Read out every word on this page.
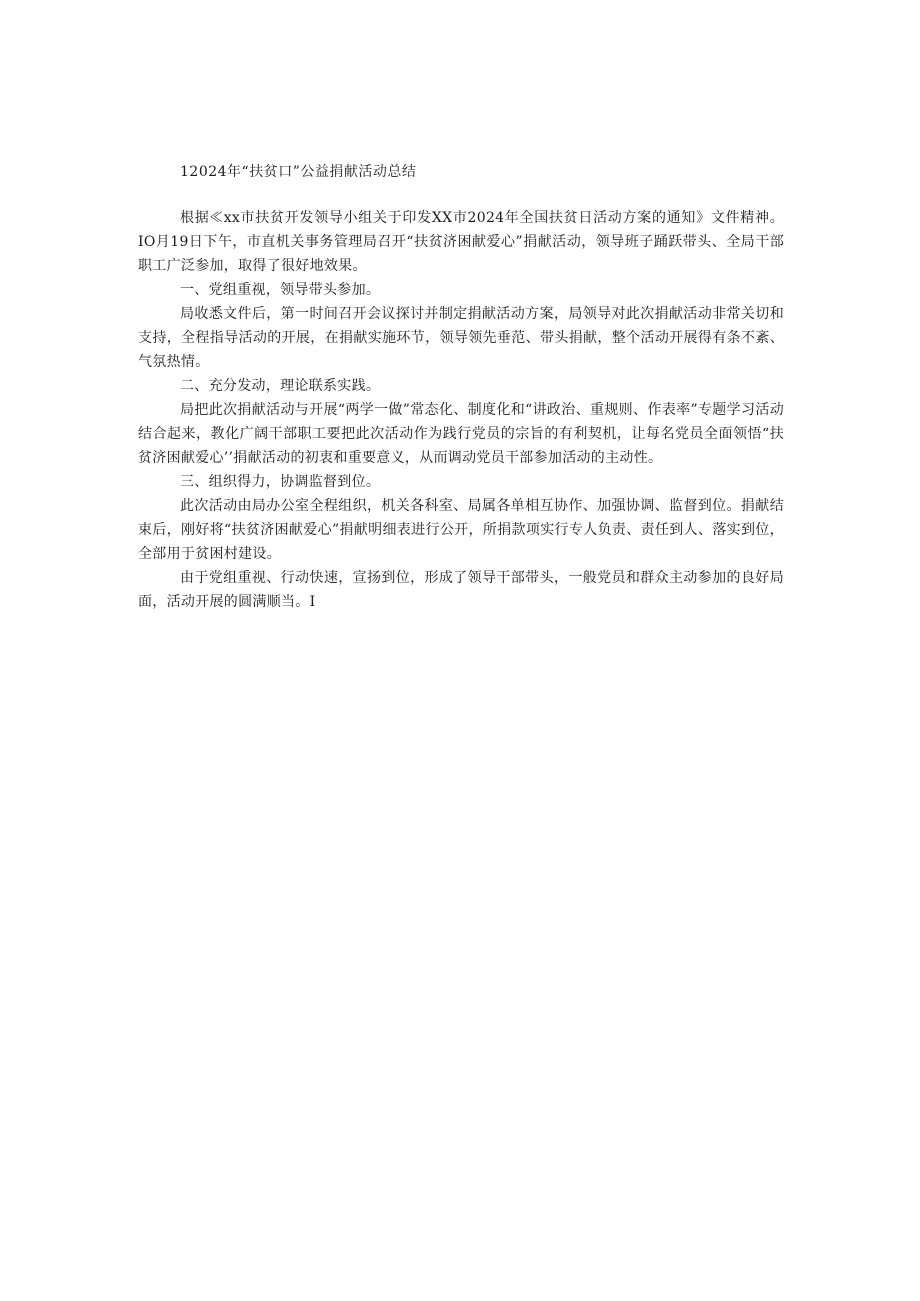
12024年“扶贫口”公益捐献活动总结

根据≪xx市扶贫开发领导小组关于印发XX市2024年全国扶贫日活动方案的通知》文件精神。IO月19日下午，市直机关事务管理局召开“扶贫济困献爱心”捐献活动，领导班子踊跃带头、全局干部职工广泛参加，取得了很好地效果。

一、党组重视，领导带头参加。

局收悉文件后，第一时间召开会议探讨并制定捐献活动方案，局领导对此次捐献活动非常关切和支持，全程指导活动的开展，在捐献实施环节，领导领先垂范、带头捐献，整个活动开展得有条不紊、气氛热情。

二、充分发动，理论联系实践。

局把此次捐献活动与开展“两学一做”常态化、制度化和“讲政治、重规则、作表率”专题学习活动结合起来，教化广阔干部职工要把此次活动作为践行党员的宗旨的有利契机，让每名党员全面领悟“扶贫济困献爱心’’捐献活动的初衷和重要意义，从而调动党员干部参加活动的主动性。

三、组织得力，协调监督到位。

此次活动由局办公室全程组织，机关各科室、局属各单相互协作、加强协调、监督到位。捐献结束后，刚好将“扶贫济困献爱心”捐献明细表进行公开，所捐款项实行专人负责、责任到人、落实到位，全部用于贫困村建设。

由于党组重视、行动快速，宣扬到位，形成了领导干部带头，一般党员和群众主动参加的良好局面，活动开展的圆满顺当。I
